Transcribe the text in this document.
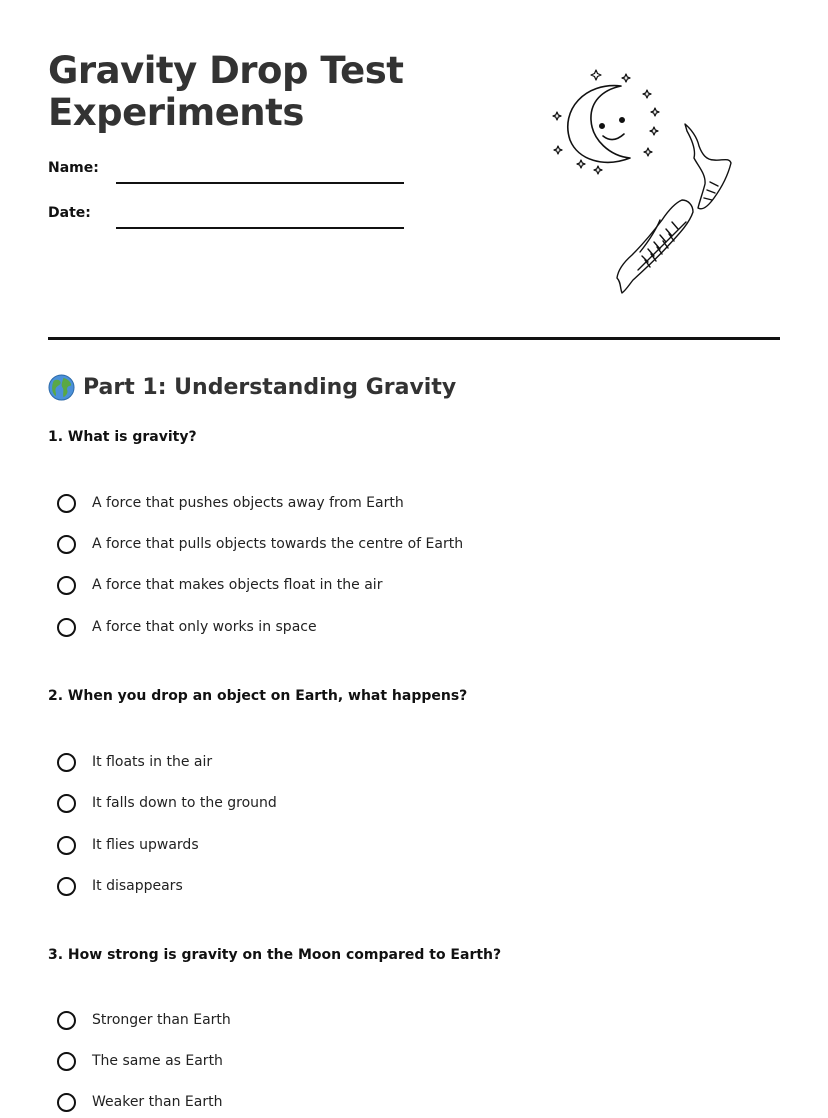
Gravity Drop Test Experiments
Name:
Date:
Part 1: Understanding Gravity
1. What is gravity?
A force that pushes objects away from Earth
A force that pulls objects towards the centre of Earth
A force that makes objects float in the air
A force that only works in space
2. When you drop an object on Earth, what happens?
It floats in the air
It falls down to the ground
It flies upwards
It disappears
3. How strong is gravity on the Moon compared to Earth?
Stronger than Earth
The same as Earth
Weaker than Earth
